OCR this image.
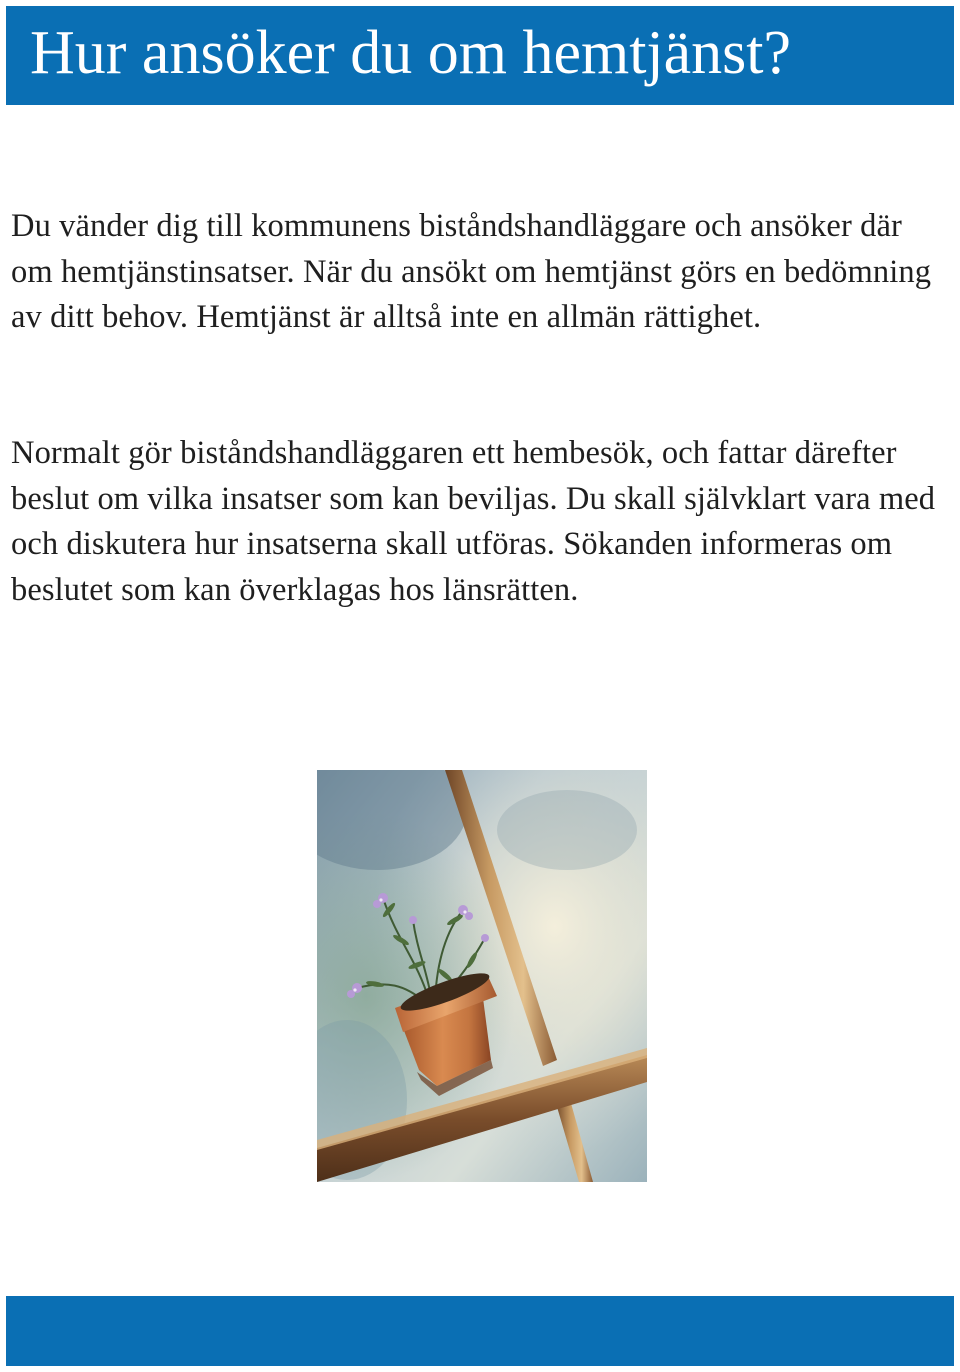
Hur ansöker du om hemtjänst?

Du vänder dig till kommunens biståndshandläggare och ansöker där om hemtjänstinsatser. När du ansökt om hemtjänst görs en bedömning av ditt behov. Hemtjänst är alltså inte en allmän rättighet.

Normalt gör biståndshandläggaren ett hembesök, och fattar därefter beslut om vilka insatser som kan beviljas. Du skall självklart vara med och diskutera hur insatserna skall utföras. Sökanden informeras om beslutet som kan överklagas hos länsrätten.
